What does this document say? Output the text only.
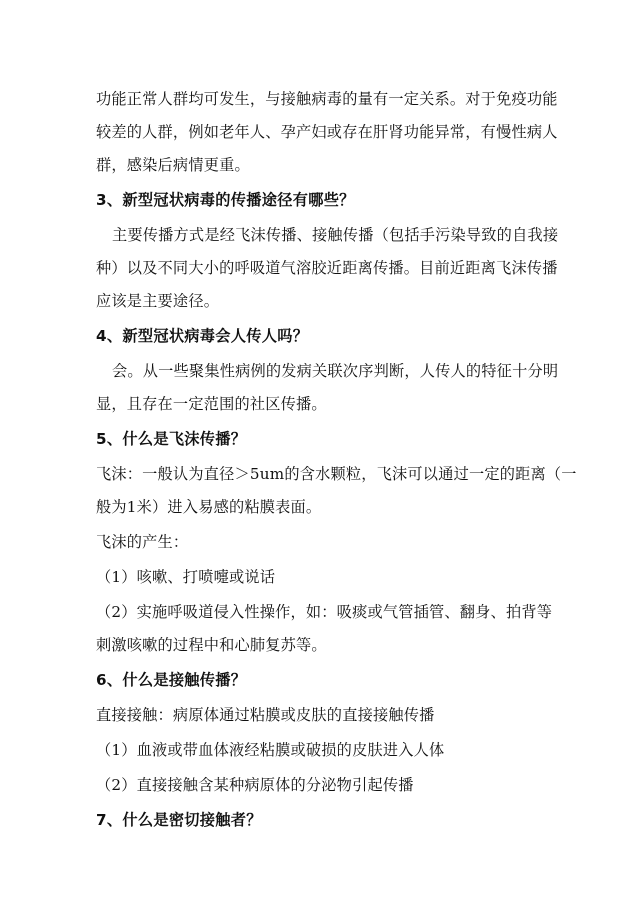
功能正常人群均可发生，与接触病毒的量有一定关系。对于免疫功能
较差的人群，例如老年人、孕产妇或存在肝肾功能异常，有慢性病人
群，感染后病情更重。
3、新型冠状病毒的传播途径有哪些？
主要传播方式是经飞沫传播、接触传播（包括手污染导致的自我接
种）以及不同大小的呼吸道气溶胶近距离传播。目前近距离飞沫传播
应该是主要途径。
4、新型冠状病毒会人传人吗？
会。从一些聚集性病例的发病关联次序判断，人传人的特征十分明
显，且存在一定范围的社区传播。
5、什么是飞沫传播？
飞沫：一般认为直径＞5um的含水颗粒，飞沫可以通过一定的距离（一
般为1米）进入易感的粘膜表面。
飞沫的产生：
（1）咳嗽、打喷嚏或说话
（2）实施呼吸道侵入性操作，如：吸痰或气管插管、翻身、拍背等
刺激咳嗽的过程中和心肺复苏等。
6、什么是接触传播？
直接接触：病原体通过粘膜或皮肤的直接接触传播
（1）血液或带血体液经粘膜或破损的皮肤进入人体
（2）直接接触含某种病原体的分泌物引起传播
7、什么是密切接触者？
